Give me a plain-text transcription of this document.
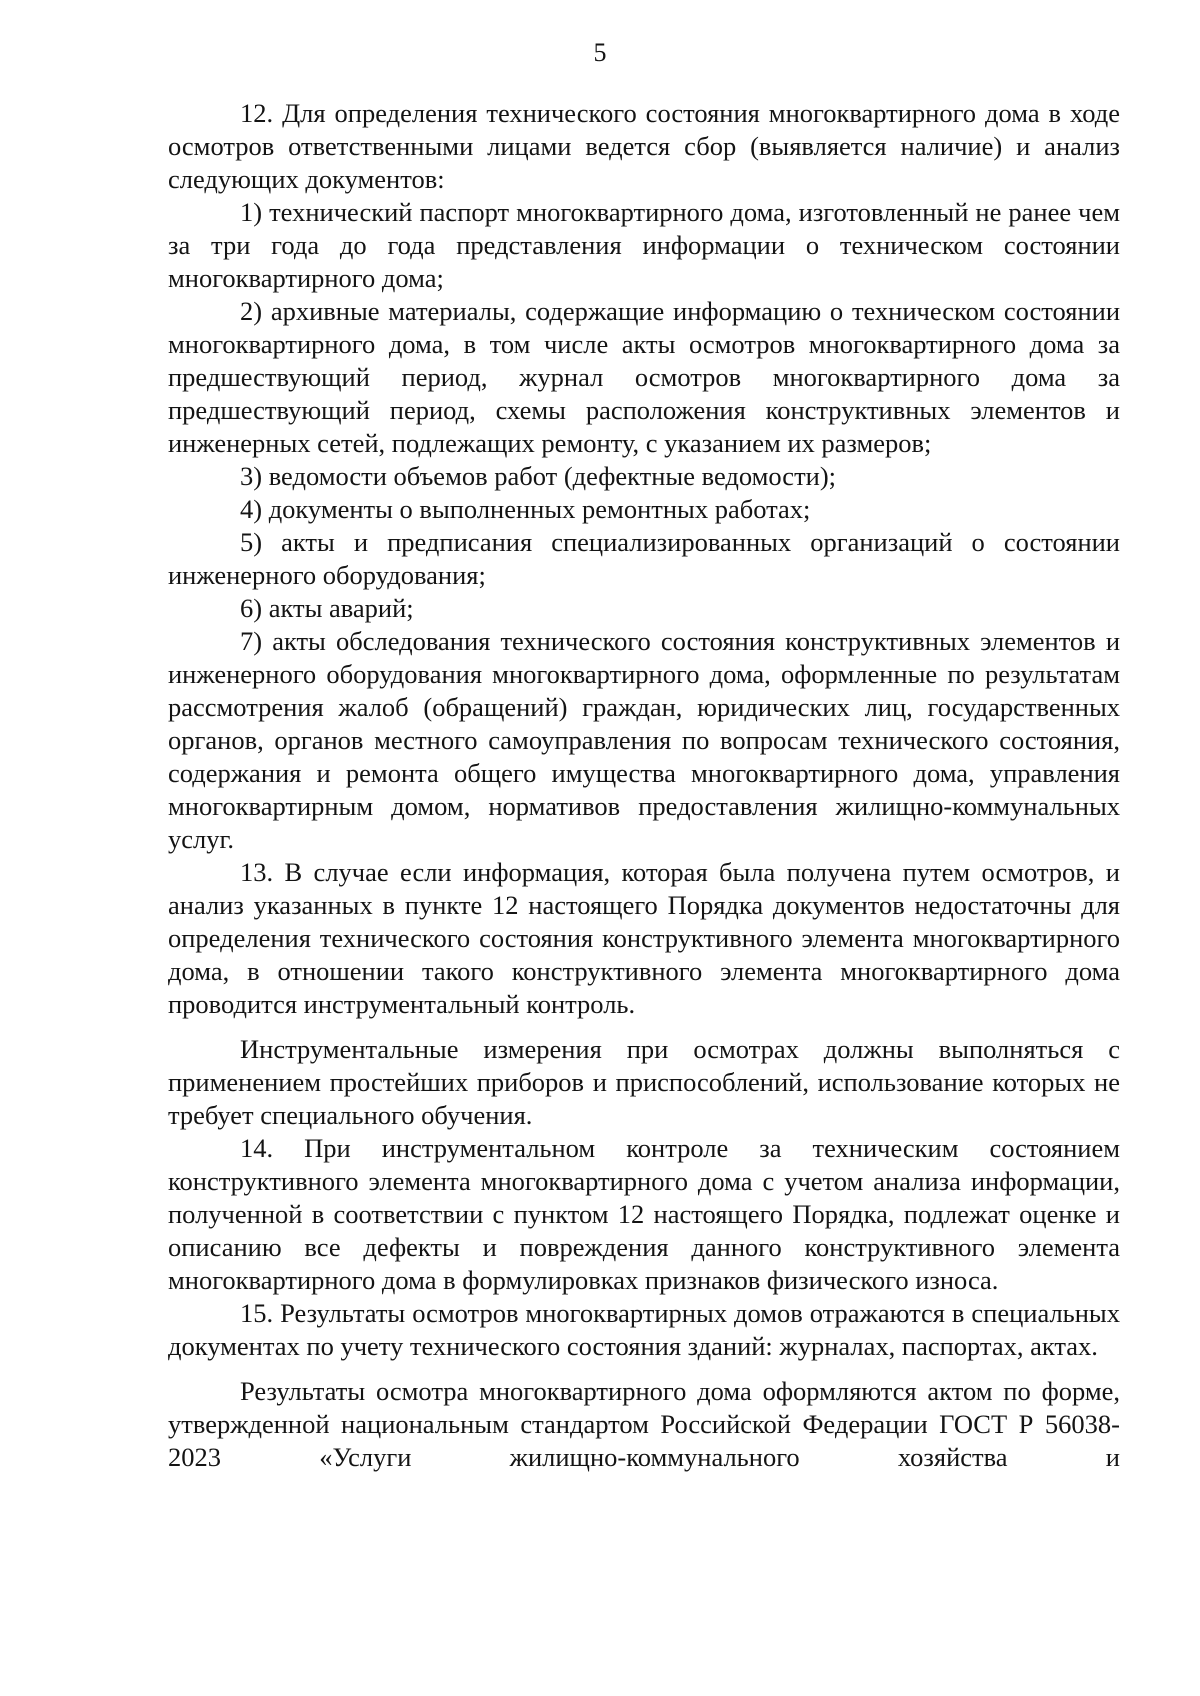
5

12. Для определения технического состояния многоквартирного дома в ходе осмотров ответственными лицами ведется сбор (выявляется наличие) и анализ следующих документов:

1) технический паспорт многоквартирного дома, изготовленный не ранее чем за три года до года представления информации о техническом состоянии многоквартирного дома;

2) архивные материалы, содержащие информацию о техническом состоянии многоквартирного дома, в том числе акты осмотров многоквартирного дома за предшествующий период, журнал осмотров многоквартирного дома за предшествующий период, схемы расположения конструктивных элементов и инженерных сетей, подлежащих ремонту, с указанием их размеров;

3) ведомости объемов работ (дефектные ведомости);

4) документы о выполненных ремонтных работах;

5) акты и предписания специализированных организаций о состоянии инженерного оборудования;

6) акты аварий;

7) акты обследования технического состояния конструктивных элементов и инженерного оборудования многоквартирного дома, оформленные по результатам рассмотрения жалоб (обращений) граждан, юридических лиц, государственных органов, органов местного самоуправления по вопросам технического состояния, содержания и ремонта общего имущества многоквартирного дома, управления многоквартирным домом, нормативов предоставления жилищно-коммунальных услуг.

13. В случае если информация, которая была получена путем осмотров, и анализ указанных в пункте 12 настоящего Порядка документов недостаточны для определения технического состояния конструктивного элемента многоквартирного дома, в отношении такого конструктивного элемента многоквартирного дома проводится инструментальный контроль.

Инструментальные измерения при осмотрах должны выполняться с применением простейших приборов и приспособлений, использование которых не требует специального обучения.

14. При инструментальном контроле за техническим состоянием конструктивного элемента многоквартирного дома с учетом анализа информации, полученной в соответствии с пунктом 12 настоящего Порядка, подлежат оценке и описанию все дефекты и повреждения данного конструктивного элемента многоквартирного дома в формулировках признаков физического износа.

15. Результаты осмотров многоквартирных домов отражаются в специальных документах по учету технического состояния зданий: журналах, паспортах, актах.

Результаты осмотра многоквартирного дома оформляются актом по форме, утвержденной национальным стандартом Российской Федерации ГОСТ Р 56038-2023 «Услуги жилищно-коммунального хозяйства и
